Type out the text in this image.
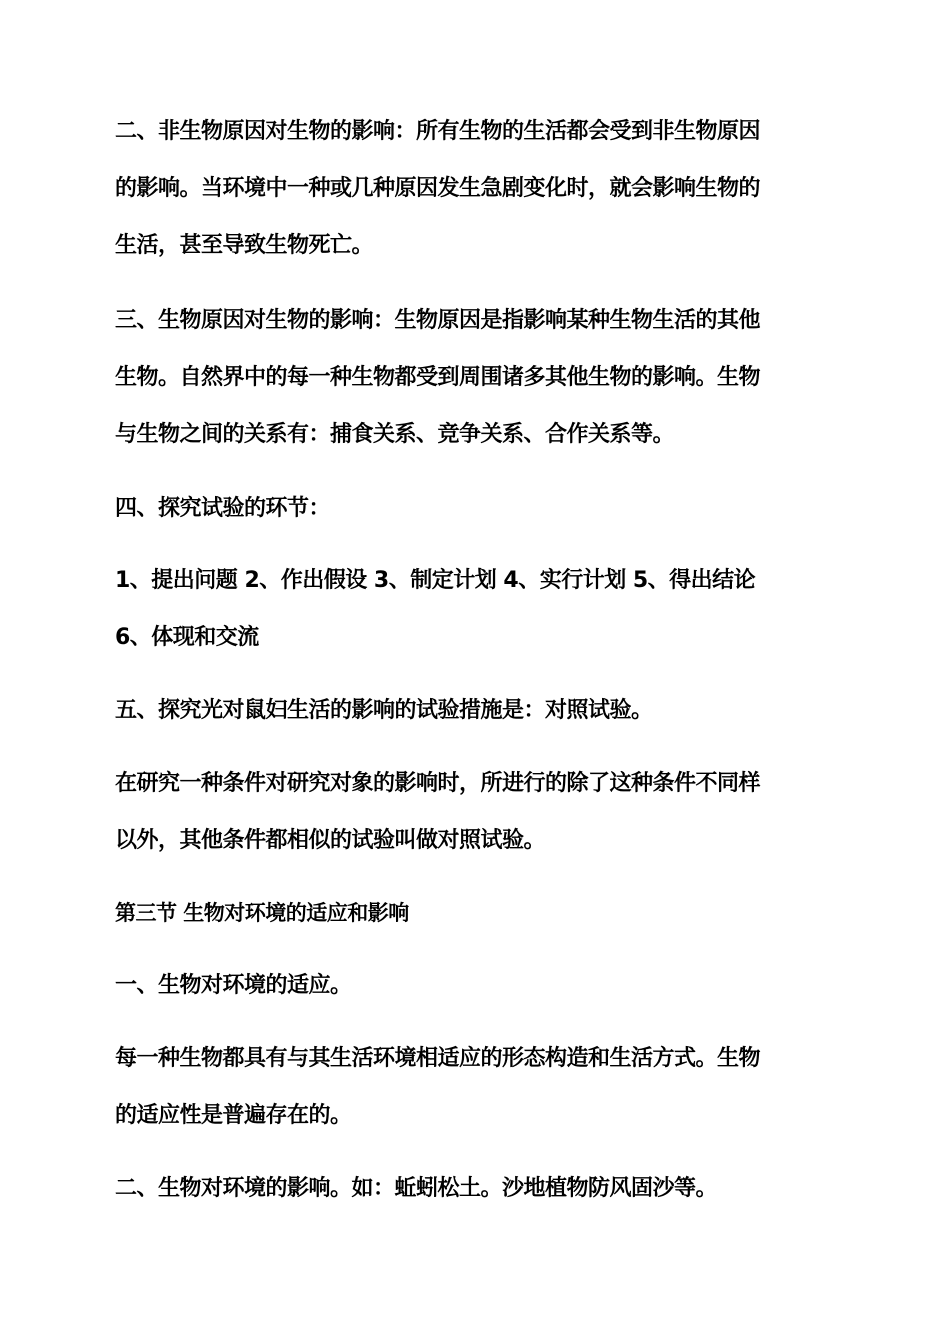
二、非生物原因对生物的影响：所有生物的生活都会受到非生物原因
的影响。当环境中一种或几种原因发生急剧变化时，就会影响生物的
生活，甚至导致生物死亡。
三、生物原因对生物的影响：生物原因是指影响某种生物生活的其他
生物。自然界中的每一种生物都受到周围诸多其他生物的影响。生物
与生物之间的关系有：捕食关系、竞争关系、合作关系等。
四、探究试验的环节：
1、提出问题 2、作出假设 3、制定计划 4、实行计划 5、得出结论
6、体现和交流
五、探究光对鼠妇生活的影响的试验措施是：对照试验。
在研究一种条件对研究对象的影响时，所进行的除了这种条件不同样
以外，其他条件都相似的试验叫做对照试验。
第三节 生物对环境的适应和影响
一、生物对环境的适应。
每一种生物都具有与其生活环境相适应的形态构造和生活方式。生物
的适应性是普遍存在的。
二、生物对环境的影响。如：蚯蚓松土。沙地植物防风固沙等。
